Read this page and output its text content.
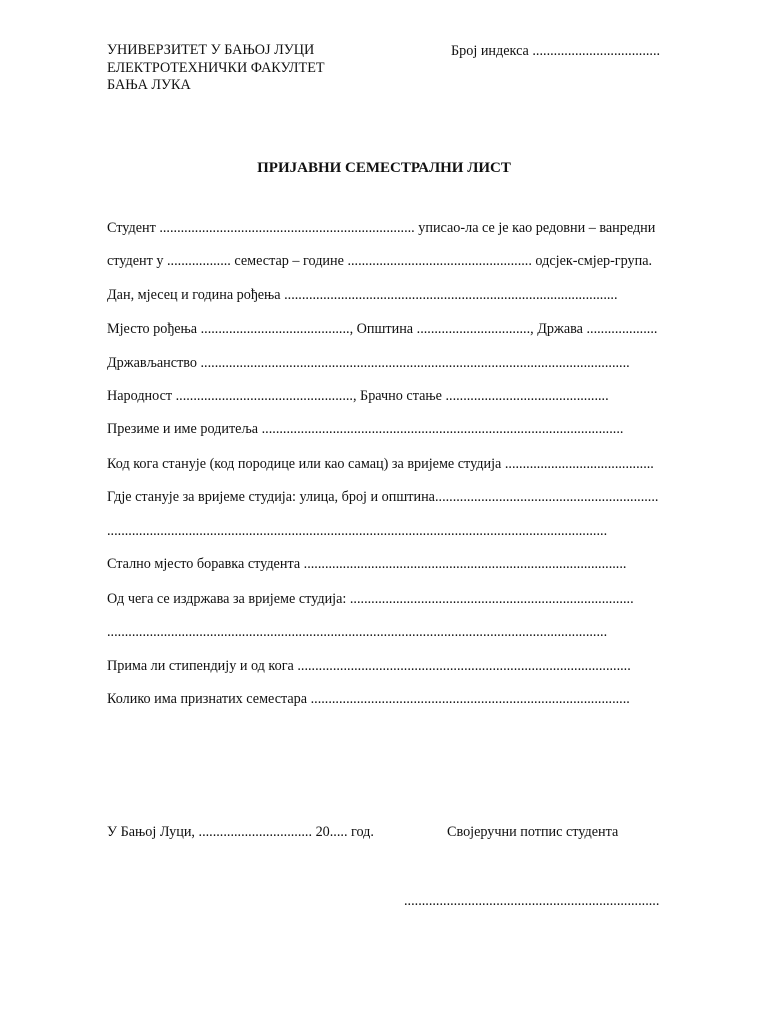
УНИВЕРЗИТЕТ У БАЊОЈ ЛУЦИ
ЕЛЕКТРОТЕХНИЧКИ ФАКУЛТЕТ
БАЊА ЛУКА
Број индекса ....................................
ПРИЈАВНИ СЕМЕСТРАЛНИ ЛИСТ
Студент ........................................................................ уписао-ла се је као редовни – ванредни
студент у .................. семестар – године .................................................... одсјек-смјер-група.
Дан, мјесец и година рођења ..............................................................................................
Мјесто рођења .........................................., Општина ................................, Држава ....................
Држављанство .........................................................................................................................
Народност .................................................., Брачно стање ..............................................
Презиме и име родитеља ......................................................................................................
Код кога станује (код породице или као самац) за вријеме студија ..........................................
Гдје станује за вријеме студија: улица, број и општина...............................................................
.............................................................................................................................................
Стално мјесто боравка студента ...........................................................................................
Од чега се издржава за вријеме студија: ................................................................................
.............................................................................................................................................
Прима ли стипендију и од кога ..............................................................................................
Колико има признатих семестара ..........................................................................................
У Бањој Луци, ................................ 20..... год.	Својеручни потпис студента
........................................................................
